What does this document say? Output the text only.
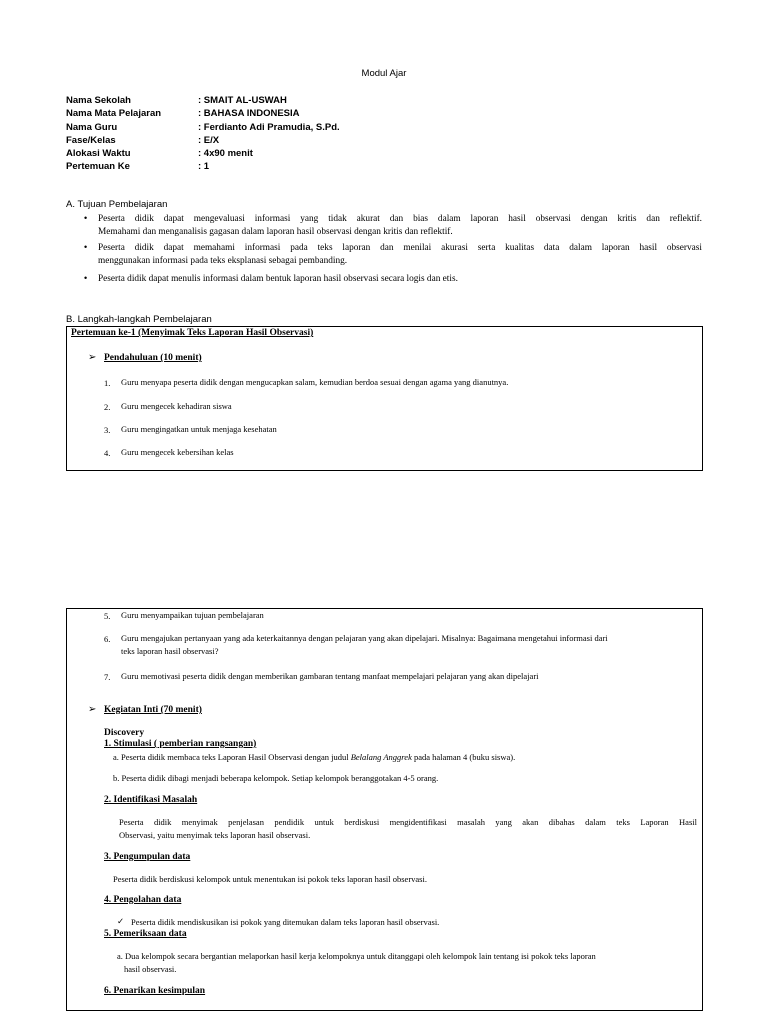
Modul Ajar
Nama Sekolah	: SMAIT AL-USWAH
Nama Mata Pelajaran	: BAHASA INDONESIA
Nama Guru	: Ferdianto Adi Pramudia, S.Pd.
Fase/Kelas	: E/X
Alokasi Waktu	: 4x90 menit
Pertemuan Ke	: 1
A. Tujuan Pembelajaran
• Peserta didik dapat mengevaluasi informasi yang tidak akurat dan bias dalam laporan hasil observasi dengan kritis dan reflektif.
Memahami dan menganalisis gagasan dalam laporan hasil observasi dengan kritis dan reflektif.
• Peserta didik dapat memahami informasi pada teks laporan dan menilai akurasi serta kualitas data dalam laporan hasil observasi
menggunakan informasi pada teks eksplanasi sebagai pembanding.
• Peserta didik dapat menulis informasi dalam bentuk laporan hasil observasi secara logis dan etis.
B. Langkah-langkah Pembelajaran
Pertemuan ke-1 (Menyimak Teks Laporan Hasil Observasi)
➢ Pendahuluan (10 menit)
1. Guru menyapa peserta didik dengan mengucapkan salam, kemudian berdoa sesuai dengan agama yang dianutnya.
2. Guru mengecek kehadiran siswa
3. Guru mengingatkan untuk menjaga kesehatan
4. Guru mengecek kebersihan kelas
5. Guru menyampaikan tujuan pembelajaran
6. Guru mengajukan pertanyaan yang ada keterkaitannya dengan pelajaran yang akan dipelajari. Misalnya: Bagaimana mengetahui informasi dari
teks laporan hasil observasi?
7. Guru memotivasi peserta didik dengan memberikan gambaran tentang manfaat mempelajari pelajaran yang akan dipelajari
➢ Kegiatan Inti (70 menit)
Discovery
1. Stimulasi ( pemberian rangsangan)
a. Peserta didik membaca teks Laporan Hasil Observasi dengan judul Belalang Anggrek pada halaman 4 (buku siswa).
b. Peserta didik dibagi menjadi beberapa kelompok. Setiap kelompok beranggotakan 4-5 orang.
2. Identifikasi Masalah
Peserta didik menyimak penjelasan pendidik untuk berdiskusi mengidentifikasi masalah yang akan dibahas dalam teks Laporan Hasil
Observasi, yaitu menyimak teks laporan hasil observasi.
3. Pengumpulan data
Peserta didik berdiskusi kelompok untuk menentukan isi pokok teks laporan hasil observasi.
4. Pengolahan data
✓ Peserta didik mendiskusikan isi pokok yang ditemukan dalam teks laporan hasil observasi.
5. Pemeriksaan data
a. Dua kelompok secara bergantian melaporkan hasil kerja kelompoknya untuk ditanggapi oleh kelompok lain tentang isi pokok teks laporan
hasil observasi.
6. Penarikan kesimpulan
